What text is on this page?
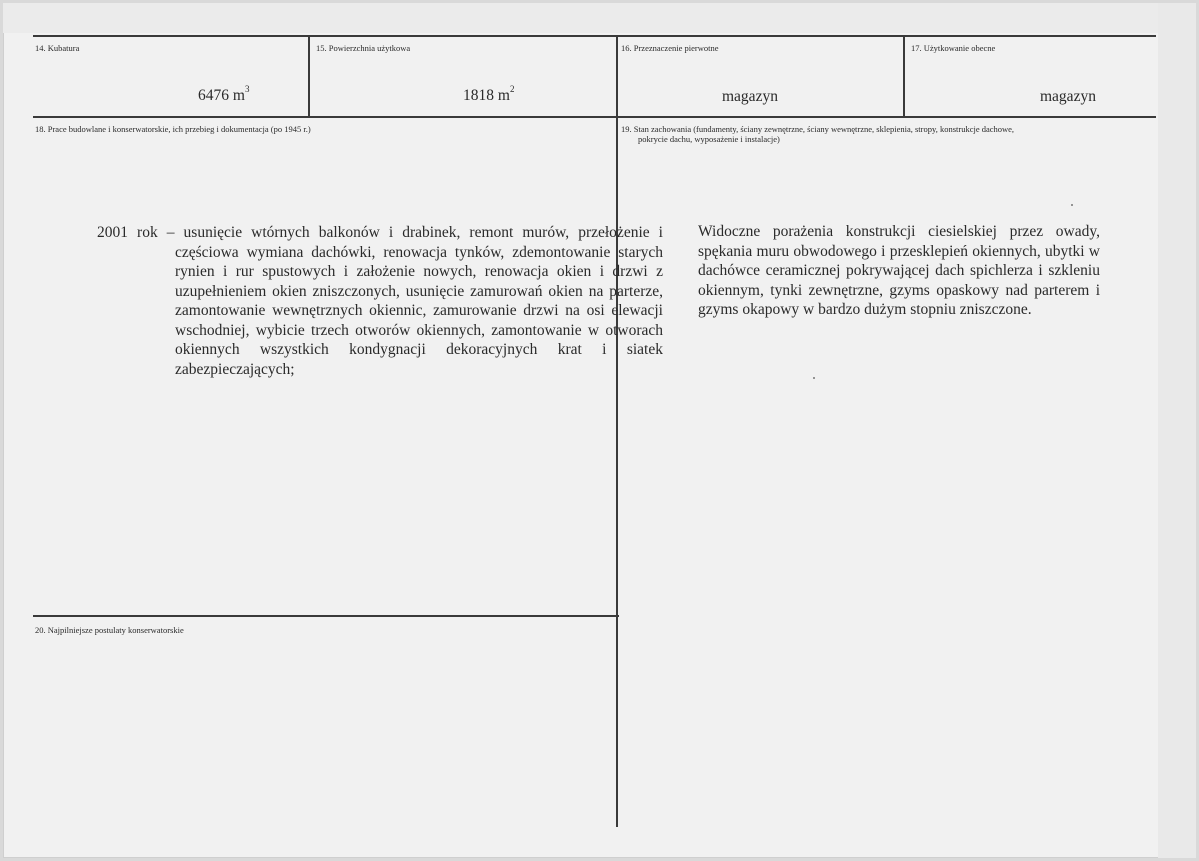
14. Kubatura
6476 $m^3$
15. Powierzchnia użytkowa
1818 $m^2$
16. Przeznaczenie pierwotne
magazyn
17. Użytkowanie obecne
magazyn
18. Prace budowlane i konserwatorskie, ich przebieg i dokumentacja (po 1945 r.)
2001 rok – usunięcie wtórnych balkonów i drabinek, remont murów, przełożenie i częściowa wymiana dachówki, renowacja tynków, zdemontowanie starych rynien i rur spustowych i założenie nowych, renowacja okien i drzwi z uzupełnieniem okien zniszczonych, usunięcie zamurowań okien na parterze, zamontowanie wewnętrznych okiennic, zamurowanie drzwi na osi elewacji wschodniej, wybicie trzech otworów okiennych, zamontowanie w otworach okiennych wszystkich kondygnacji dekoracyjnych krat i siatek zabezpieczających;
19. Stan zachowania (fundamenty, ściany zewnętrzne, ściany wewnętrzne, sklepienia, stropy, konstrukcje dachowe,
pokrycie dachu, wyposażenie i instalacje)
Widoczne porażenia konstrukcji ciesielskiej przez owady, spękania muru obwodowego i przesklepień okiennych, ubytki w dachówce ceramicznej pokrywającej dach spichlerza i szkleniu okiennym, tynki zewnętrzne, gzyms opaskowy nad parterem i gzyms okapowy w bardzo dużym stopniu zniszczone.
20. Najpilniejsze postulaty konserwatorskie
